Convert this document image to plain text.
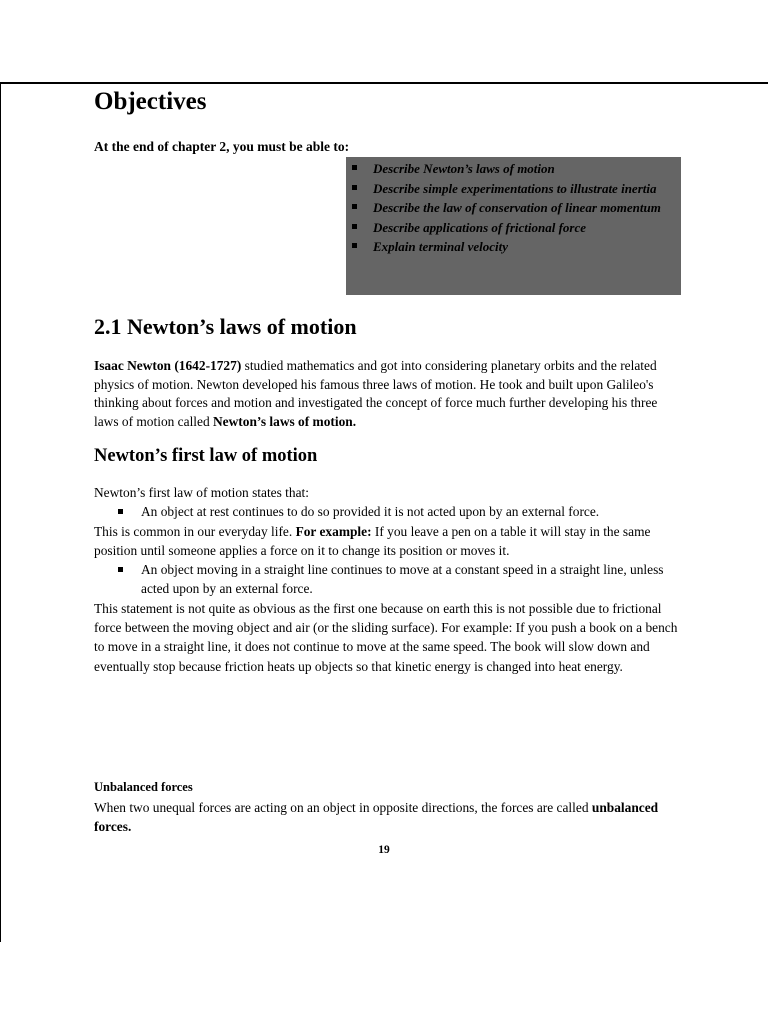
Objectives

At the end of chapter 2, you must be able to:

Describe Newton’s laws of motion
Describe simple experimentations to illustrate inertia
Describe the law of conservation of linear momentum
Describe applications of frictional force
Explain terminal velocity
2.1 Newton’s laws of motion

Isaac Newton (1642-1727) studied mathematics and got into considering planetary orbits and the related physics of motion. Newton developed his famous three laws of motion. He took and built upon Galileo's thinking about forces and motion and investigated the concept of force much further developing his three laws of motion called Newton’s laws of motion.

Newton’s first law of motion

Newton’s first law of motion states that:

An object at rest continues to do so provided it is not acted upon by an external force.

This is common in our everyday life. For example: If you leave a pen on a table it will stay in the same position until someone applies a force on it to change its position or moves it.

An object moving in a straight line continues to move at a constant speed in a straight line, unless acted upon by an external force.

This statement is not quite as obvious as the first one because on earth this is not possible due to frictional force between the moving object and air (or the sliding surface). For example: If you push a book on a bench to move in a straight line, it does not continue to move at the same speed. The book will slow down and eventually stop because friction heats up objects so that kinetic energy is changed into heat energy.

Unbalanced forces

When two unequal forces are acting on an object in opposite directions, the forces are called unbalanced forces.

19
